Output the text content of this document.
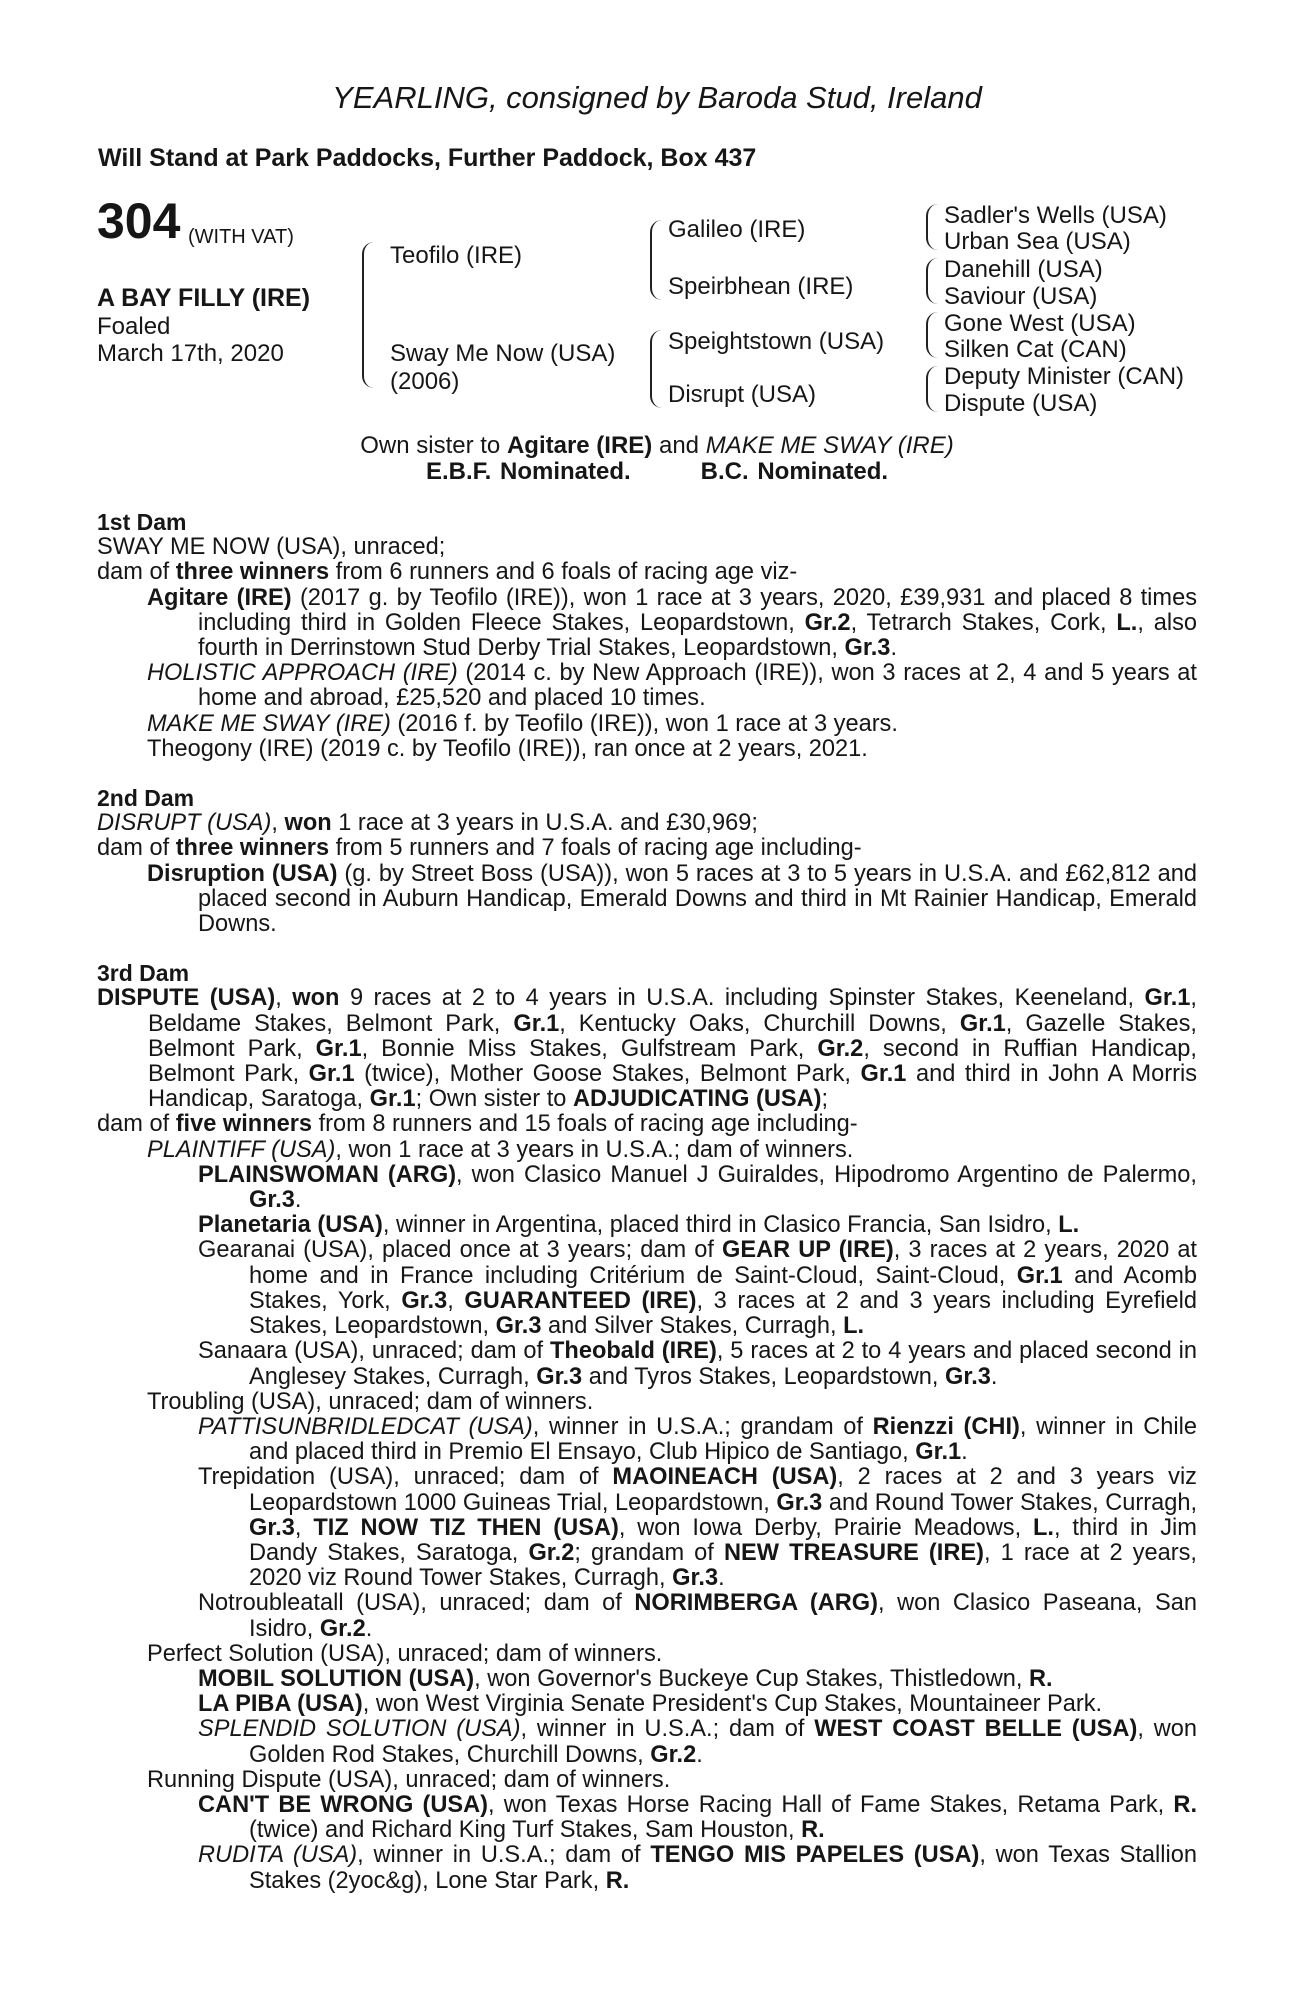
YEARLING, consigned by Baroda Stud, Ireland
Will Stand at Park Paddocks, Further Paddock, Box 437
304 (WITH VAT)
A BAY FILLY (IRE)
Foaled
March 17th, 2020
Teofilo (IRE)
Sway Me Now (USA)
(2006)
Galileo (IRE)
Speirbhean (IRE)
Speightstown (USA)
Disrupt (USA)
Sadler's Wells (USA)
Urban Sea (USA)
Danehill (USA)
Saviour (USA)
Gone West (USA)
Silken Cat (CAN)
Deputy Minister (CAN)
Dispute (USA)
Own sister to Agitare (IRE) and MAKE ME SWAY (IRE)
E.B.F. Nominated.	B.C. Nominated.
1st Dam
SWAY ME NOW (USA), unraced;
dam of three winners from 6 runners and 6 foals of racing age viz-
Agitare (IRE) (2017 g. by Teofilo (IRE)), won 1 race at 3 years, 2020, £39,931 and placed 8 times including third in Golden Fleece Stakes, Leopardstown, Gr.2, Tetrarch Stakes, Cork, L., also fourth in Derrinstown Stud Derby Trial Stakes, Leopardstown, Gr.3.
HOLISTIC APPROACH (IRE) (2014 c. by New Approach (IRE)), won 3 races at 2, 4 and 5 years at home and abroad, £25,520 and placed 10 times.
MAKE ME SWAY (IRE) (2016 f. by Teofilo (IRE)), won 1 race at 3 years.
Theogony (IRE) (2019 c. by Teofilo (IRE)), ran once at 2 years, 2021.
2nd Dam
DISRUPT (USA), won 1 race at 3 years in U.S.A. and £30,969;
dam of three winners from 5 runners and 7 foals of racing age including-
Disruption (USA) (g. by Street Boss (USA)), won 5 races at 3 to 5 years in U.S.A. and £62,812 and placed second in Auburn Handicap, Emerald Downs and third in Mt Rainier Handicap, Emerald Downs.
3rd Dam
DISPUTE (USA), won 9 races at 2 to 4 years in U.S.A. including Spinster Stakes, Keeneland, Gr.1, Beldame Stakes, Belmont Park, Gr.1, Kentucky Oaks, Churchill Downs, Gr.1, Gazelle Stakes, Belmont Park, Gr.1, Bonnie Miss Stakes, Gulfstream Park, Gr.2, second in Ruffian Handicap, Belmont Park, Gr.1 (twice), Mother Goose Stakes, Belmont Park, Gr.1 and third in John A Morris Handicap, Saratoga, Gr.1; Own sister to ADJUDICATING (USA);
dam of five winners from 8 runners and 15 foals of racing age including-
PLAINTIFF (USA), won 1 race at 3 years in U.S.A.; dam of winners.
PLAINSWOMAN (ARG), won Clasico Manuel J Guiraldes, Hipodromo Argentino de Palermo, Gr.3.
Planetaria (USA), winner in Argentina, placed third in Clasico Francia, San Isidro, L.
Gearanai (USA), placed once at 3 years; dam of GEAR UP (IRE), 3 races at 2 years, 2020 at home and in France including Critérium de Saint-Cloud, Saint-Cloud, Gr.1 and Acomb Stakes, York, Gr.3, GUARANTEED (IRE), 3 races at 2 and 3 years including Eyrefield Stakes, Leopardstown, Gr.3 and Silver Stakes, Curragh, L.
Sanaara (USA), unraced; dam of Theobald (IRE), 5 races at 2 to 4 years and placed second in Anglesey Stakes, Curragh, Gr.3 and Tyros Stakes, Leopardstown, Gr.3.
Troubling (USA), unraced; dam of winners.
PATTISUNBRIDLEDCAT (USA), winner in U.S.A.; grandam of Rienzzi (CHI), winner in Chile and placed third in Premio El Ensayo, Club Hipico de Santiago, Gr.1.
Trepidation (USA), unraced; dam of MAOINEACH (USA), 2 races at 2 and 3 years viz Leopardstown 1000 Guineas Trial, Leopardstown, Gr.3 and Round Tower Stakes, Curragh, Gr.3, TIZ NOW TIZ THEN (USA), won Iowa Derby, Prairie Meadows, L., third in Jim Dandy Stakes, Saratoga, Gr.2; grandam of NEW TREASURE (IRE), 1 race at 2 years, 2020 viz Round Tower Stakes, Curragh, Gr.3.
Notroubleatall (USA), unraced; dam of NORIMBERGA (ARG), won Clasico Paseana, San Isidro, Gr.2.
Perfect Solution (USA), unraced; dam of winners.
MOBIL SOLUTION (USA), won Governor's Buckeye Cup Stakes, Thistledown, R.
LA PIBA (USA), won West Virginia Senate President's Cup Stakes, Mountaineer Park.
SPLENDID SOLUTION (USA), winner in U.S.A.; dam of WEST COAST BELLE (USA), won Golden Rod Stakes, Churchill Downs, Gr.2.
Running Dispute (USA), unraced; dam of winners.
CAN'T BE WRONG (USA), won Texas Horse Racing Hall of Fame Stakes, Retama Park, R. (twice) and Richard King Turf Stakes, Sam Houston, R.
RUDITA (USA), winner in U.S.A.; dam of TENGO MIS PAPELES (USA), won Texas Stallion Stakes (2yoc&g), Lone Star Park, R.
